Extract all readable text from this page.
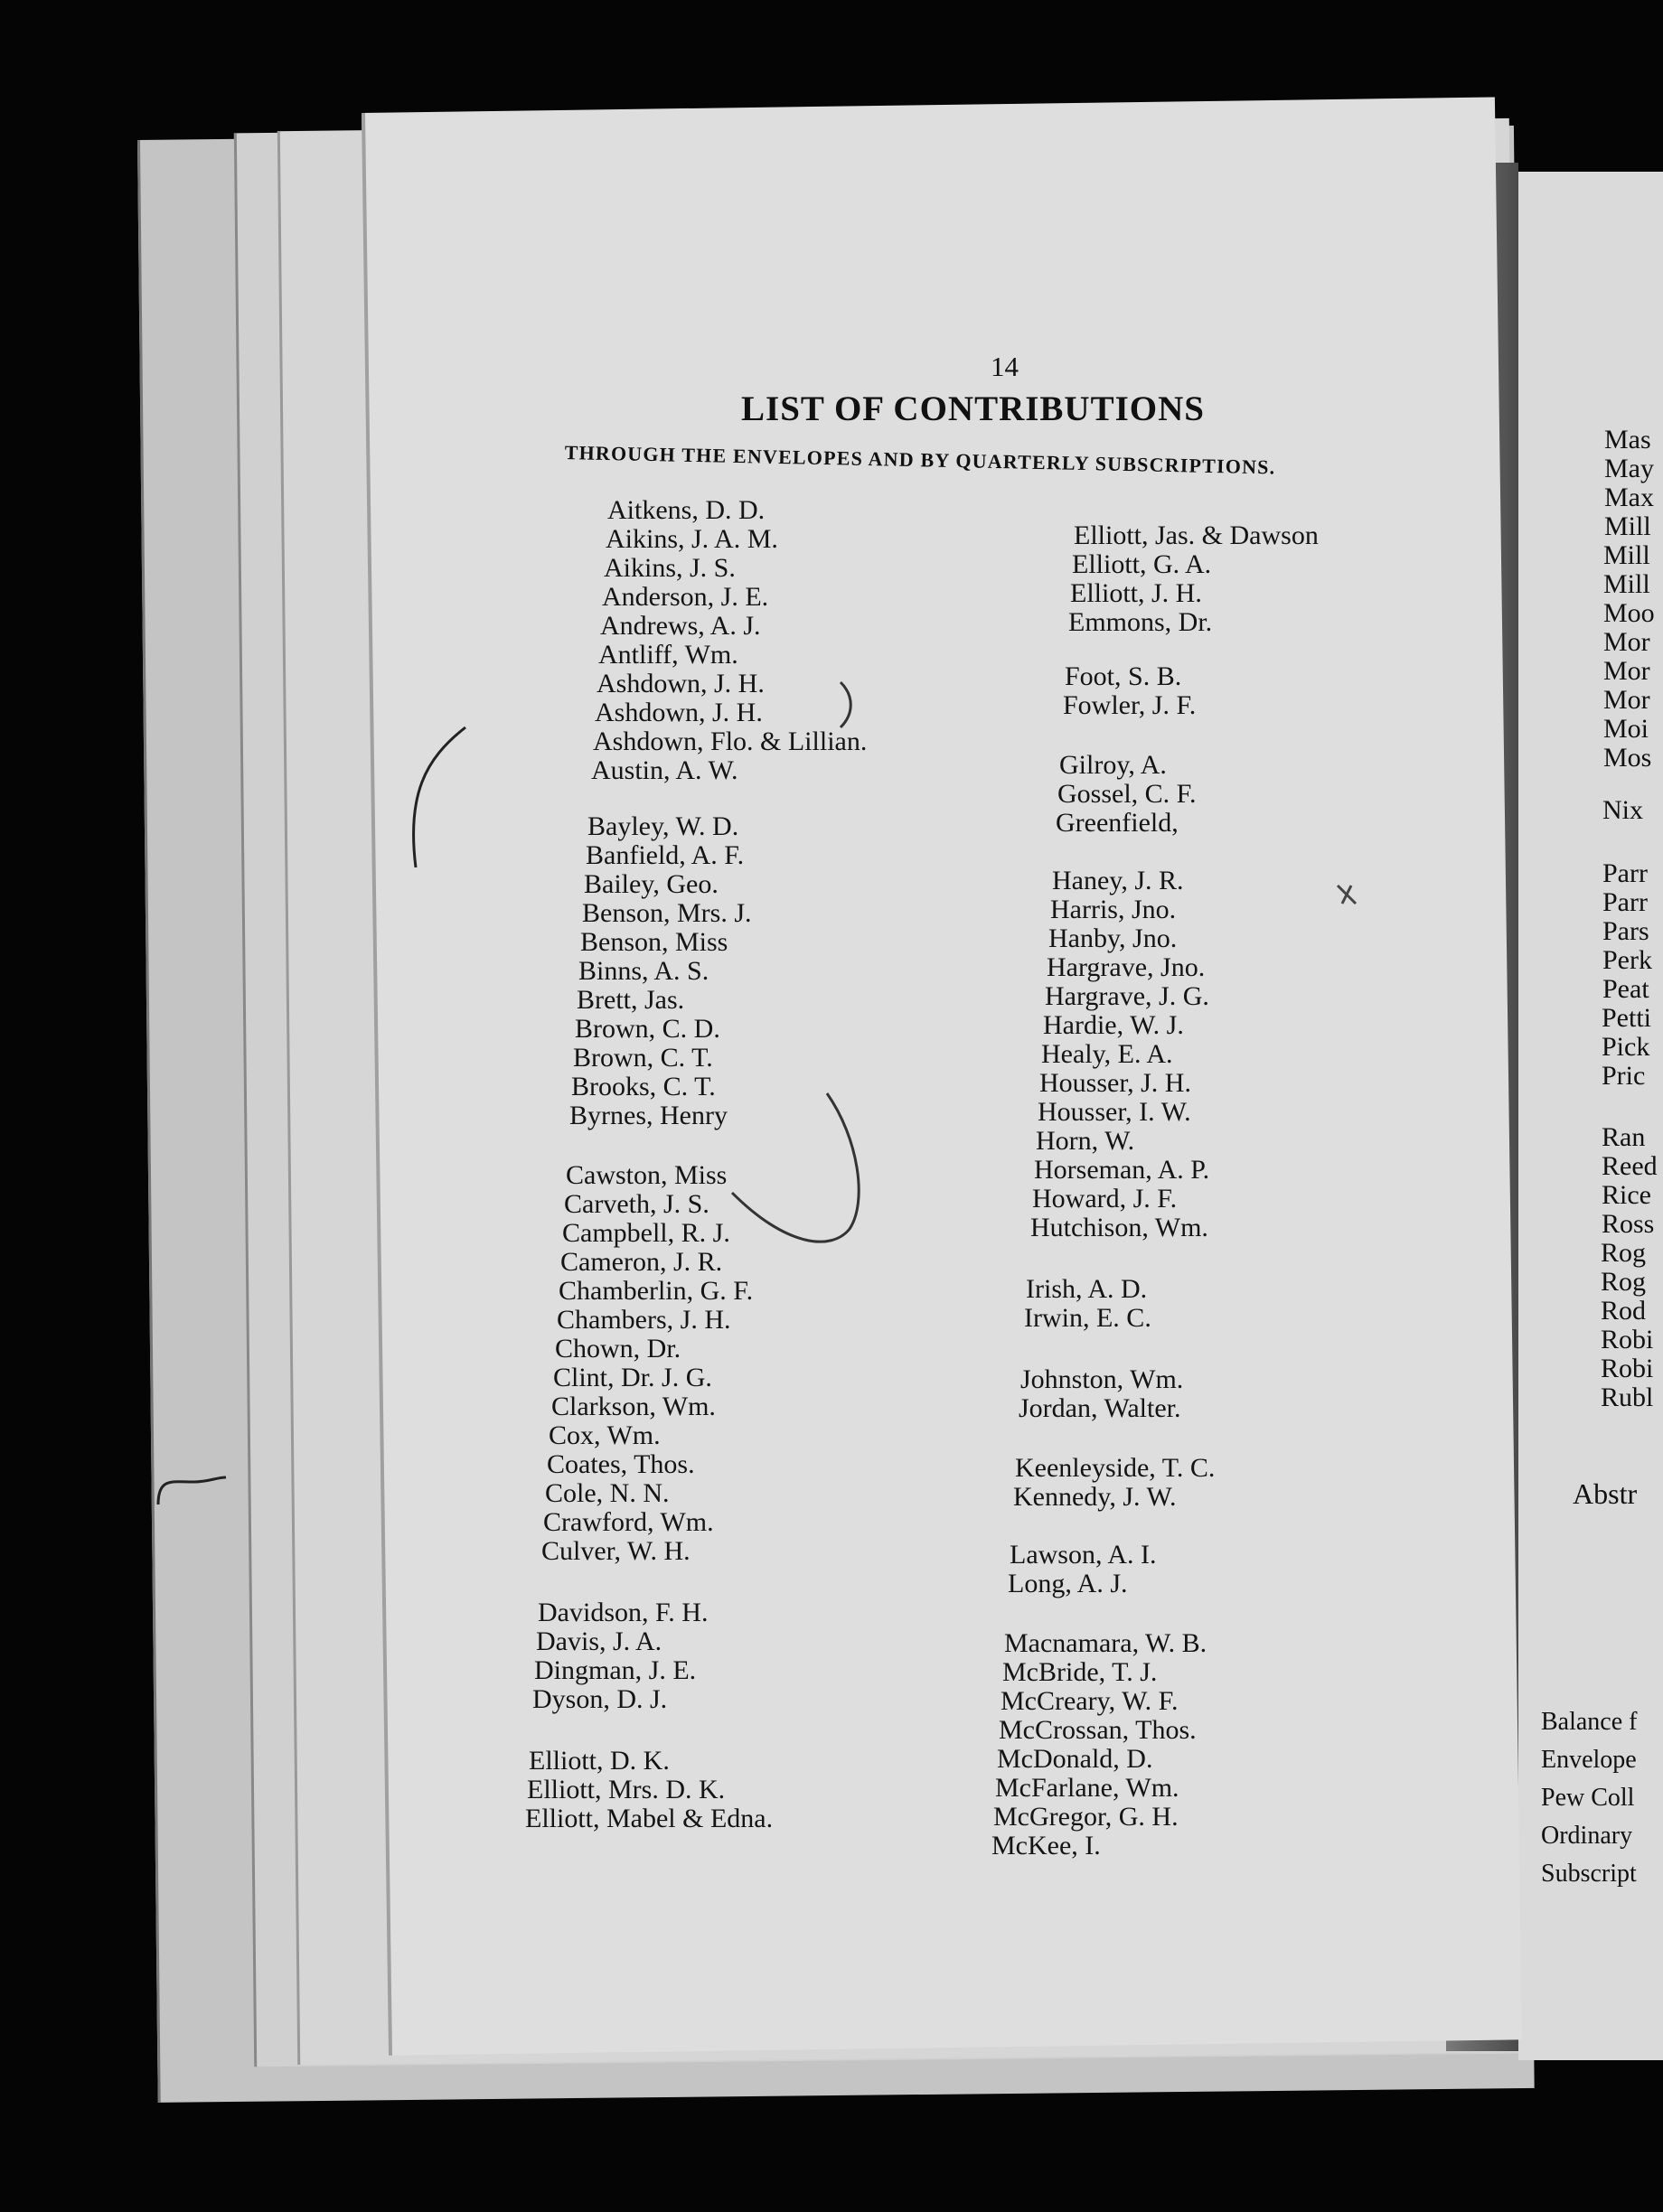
Mas
May
Max
Mill
Mill
Mill
Moo
Mor
Mor
Mor
Moi
Mos
Nix
Parr
Parr
Pars
Perk
Peat
Petti
Pick
Pric
Ran
Reed
Rice
Ross
Rog
Rog
Rod
Robi
Robi
Rubl
Abstr
Balance f
Envelope
Pew Coll
Ordinary
Subscript
14
LIST OF CONTRIBUTIONS
THROUGH THE ENVELOPES AND BY QUARTERLY SUBSCRIPTIONS.
Aitkens, D. D.
Aikins, J. A. M.
Aikins, J. S.
Anderson, J. E.
Andrews, A. J.
Antliff, Wm.
Ashdown, J. H.
Ashdown, J. H.
Ashdown, Flo. & Lillian.
Austin, A. W.
Bayley, W. D.
Banfield, A. F.
Bailey, Geo.
Benson, Mrs. J.
Benson, Miss
Binns, A. S.
Brett, Jas.
Brown, C. D.
Brown, C. T.
Brooks, C. T.
Byrnes, Henry
Cawston, Miss
Carveth, J. S.
Campbell, R. J.
Cameron, J. R.
Chamberlin, G. F.
Chambers, J. H.
Chown, Dr.
Clint, Dr. J. G.
Clarkson, Wm.
Cox, Wm.
Coates, Thos.
Cole, N. N.
Crawford, Wm.
Culver, W. H.
Davidson, F. H.
Davis, J. A.
Dingman, J. E.
Dyson, D. J.
Elliott, D. K.
Elliott, Mrs. D. K.
Elliott, Mabel & Edna.
Elliott, Jas. & Dawson
Elliott, G. A.
Elliott, J. H.
Emmons, Dr.
Foot, S. B.
Fowler, J. F.
Gilroy, A.
Gossel, C. F.
Greenfield,
Haney, J. R.
Harris, Jno.
Hanby, Jno.
Hargrave, Jno.
Hargrave, J. G.
Hardie, W. J.
Healy, E. A.
Housser, J. H.
Housser, I. W.
Horn, W.
Horseman, A. P.
Howard, J. F.
Hutchison, Wm.
Irish, A. D.
Irwin, E. C.
Johnston, Wm.
Jordan, Walter.
Keenleyside, T. C.
Kennedy, J. W.
Lawson, A. I.
Long, A. J.
Macnamara, W. B.
McBride, T. J.
McCreary, W. F.
McCrossan, Thos.
McDonald, D.
McFarlane, Wm.
McGregor, G. H.
McKee, I.
